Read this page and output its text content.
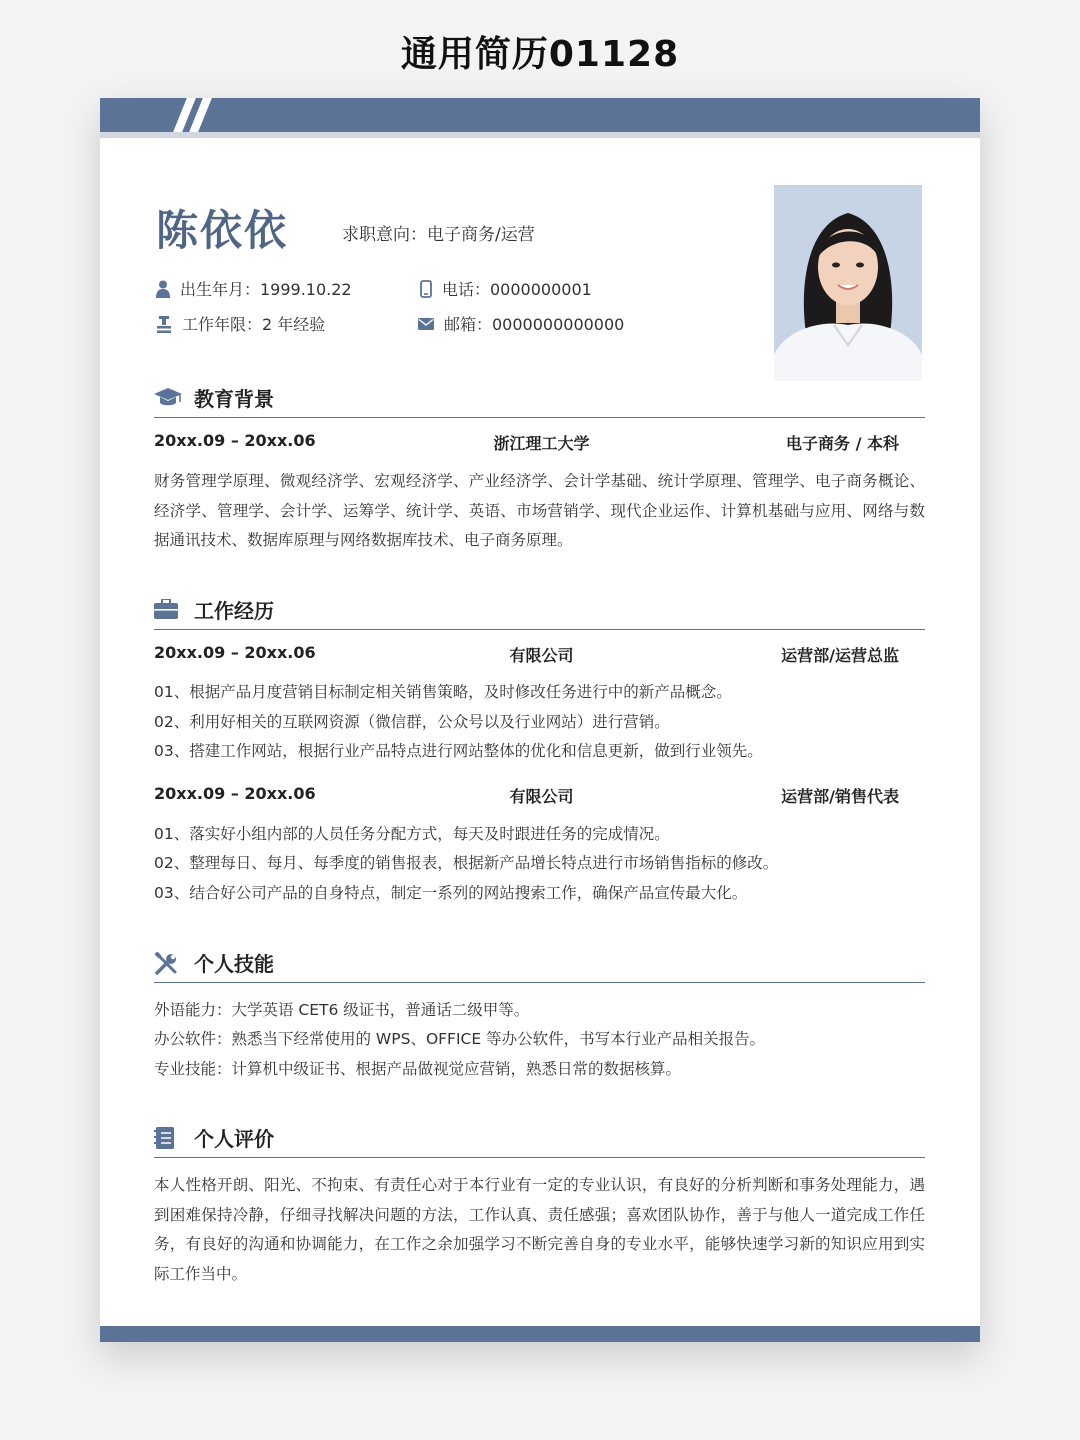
通用简历01128
陈依依	求职意向：电子商务/运营
出生年月：1999.10.22	电话：0000000001
工作年限：2 年经验	邮箱：0000000000000
教育背景
20xx.09 – 20xx.06	浙江理工大学	电子商务 / 本科
财务管理学原理、微观经济学、宏观经济学、产业经济学、会计学基础、统计学原理、管理学、电子商务概论、经济学、管理学、会计学、运筹学、统计学、英语、市场营销学、现代企业运作、计算机基础与应用、网络与数据通讯技术、数据库原理与网络数据库技术、电子商务原理。
工作经历
20xx.09 – 20xx.06	有限公司	运营部/运营总监
01、根据产品月度营销目标制定相关销售策略，及时修改任务进行中的新产品概念。
02、利用好相关的互联网资源（微信群，公众号以及行业网站）进行营销。
03、搭建工作网站，根据行业产品特点进行网站整体的优化和信息更新，做到行业领先。
20xx.09 – 20xx.06	有限公司	运营部/销售代表
01、落实好小组内部的人员任务分配方式，每天及时跟进任务的完成情况。
02、整理每日、每月、每季度的销售报表，根据新产品增长特点进行市场销售指标的修改。
03、结合好公司产品的自身特点，制定一系列的网站搜索工作，确保产品宣传最大化。
个人技能
外语能力：大学英语 CET6 级证书，普通话二级甲等。
办公软件：熟悉当下经常使用的 WPS、OFFICE 等办公软件，书写本行业产品相关报告。
专业技能：计算机中级证书、根据产品做视觉应营销，熟悉日常的数据核算。
个人评价
本人性格开朗、阳光、不拘束、有责任心对于本行业有一定的专业认识，有良好的分析判断和事务处理能力，遇到困难保持冷静，仔细寻找解决问题的方法，工作认真、责任感强；喜欢团队协作，善于与他人一道完成工作任务，有良好的沟通和协调能力，在工作之余加强学习不断完善自身的专业水平，能够快速学习新的知识应用到实际工作当中。
